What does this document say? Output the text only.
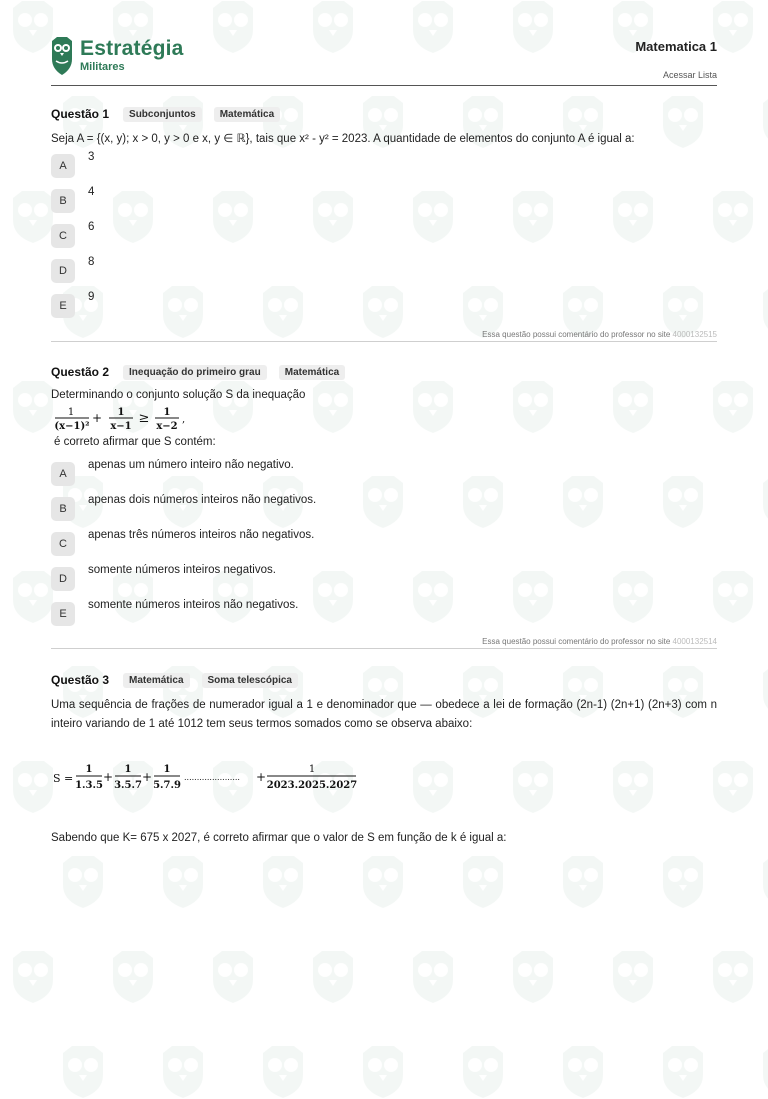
Estratégia
Militares
Matematica 1
Acessar Lista
Questão 1	Subconjuntos	Matemática
Seja A = {(x, y); x > 0, y > 0 e x, y ∈ ℝ}, tais que x² - y² = 2023. A quantidade de elementos do conjunto A é igual a:
A
3
B
4
C
6
D
8
E
9
Essa questão possui comentário do professor no site 4000132515
Questão 2	Inequação do primeiro grau	Matemática
Determinando o conjunto solução S da inequação
1
(x−1)²
+ 1
x−1
≥ 1
x−2
,
é correto afirmar que S contém:
A
apenas um número inteiro não negativo.
B
apenas dois números inteiros não negativos.
C
apenas três números inteiros não negativos.
D
somente números inteiros negativos.
E
somente números inteiros não negativos.
Essa questão possui comentário do professor no site 4000132514
Questão 3	Matemática	Soma telescópica
Uma sequência de frações de numerador igual a 1 e denominador que — obedece a lei de formação (2n-1) (2n+1) (2n+3) com n inteiro variando de 1 até 1012 tem seus termos somados como se observa abaixo:
S =
1
1.3.5
+
1
3.5.7
+
1
5.7.9
...................... +
1
2023.2025.2027
Sabendo que K= 675 x 2027, é correto afirmar que o valor de S em função de k é igual a:
